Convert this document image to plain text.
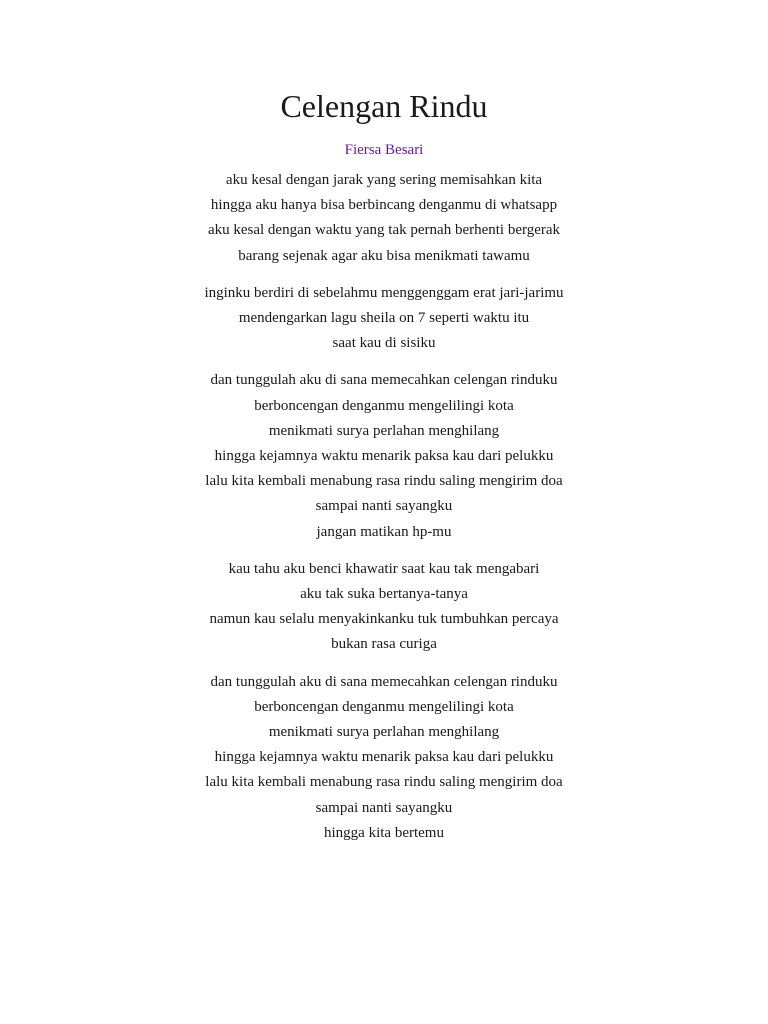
Celengan Rindu
Fiersa Besari
aku kesal dengan jarak yang sering memisahkan kita
hingga aku hanya bisa berbincang denganmu di whatsapp
aku kesal dengan waktu yang tak pernah berhenti bergerak
barang sejenak agar aku bisa menikmati tawamu
inginku berdiri di sebelahmu menggenggam erat jari-jarimu
mendengarkan lagu sheila on 7 seperti waktu itu
saat kau di sisiku
dan tunggulah aku di sana memecahkan celengan rinduku
berboncengan denganmu mengelilingi kota
menikmati surya perlahan menghilang
hingga kejamnya waktu menarik paksa kau dari pelukku
lalu kita kembali menabung rasa rindu saling mengirim doa
sampai nanti sayangku
jangan matikan hp-mu
kau tahu aku benci khawatir saat kau tak mengabari
aku tak suka bertanya-tanya
namun kau selalu menyakinkanku tuk tumbuhkan percaya
bukan rasa curiga
dan tunggulah aku di sana memecahkan celengan rinduku
berboncengan denganmu mengelilingi kota
menikmati surya perlahan menghilang
hingga kejamnya waktu menarik paksa kau dari pelukku
lalu kita kembali menabung rasa rindu saling mengirim doa
sampai nanti sayangku
hingga kita bertemu
